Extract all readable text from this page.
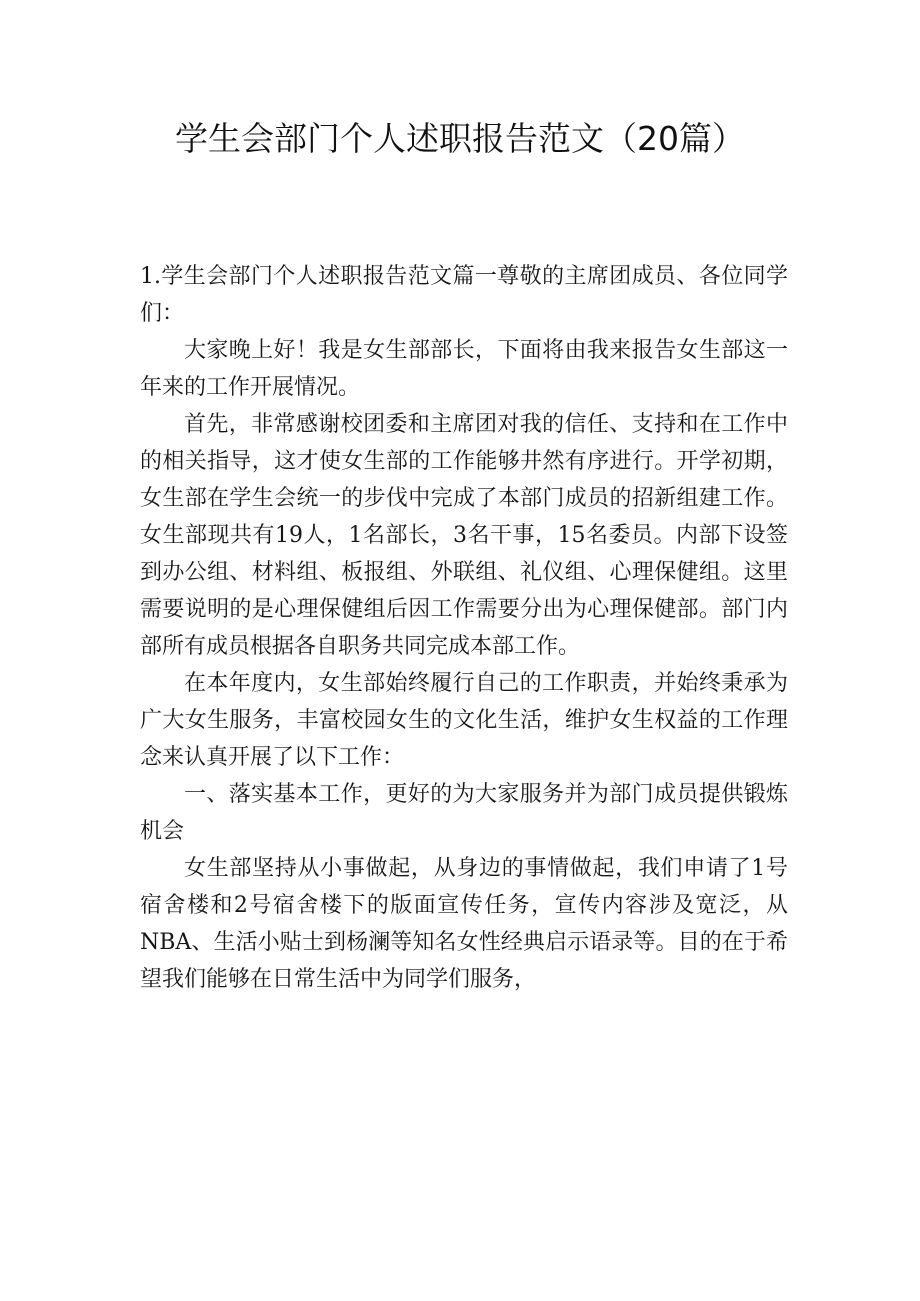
学生会部门个人述职报告范文（20篇）

1.学生会部门个人述职报告范文篇一尊敬的主席团成员、各位同学们：

大家晚上好！我是女生部部长，下面将由我来报告女生部这一年来的工作开展情况。

首先，非常感谢校团委和主席团对我的信任、支持和在工作中的相关指导，这才使女生部的工作能够井然有序进行。开学初期，女生部在学生会统一的步伐中完成了本部门成员的招新组建工作。女生部现共有19人，1名部长，3名干事，15名委员。内部下设签到办公组、材料组、板报组、外联组、礼仪组、心理保健组。这里需要说明的是心理保健组后因工作需要分出为心理保健部。部门内部所有成员根据各自职务共同完成本部工作。

在本年度内，女生部始终履行自己的工作职责，并始终秉承为广大女生服务，丰富校园女生的文化生活，维护女生权益的工作理念来认真开展了以下工作：

一、落实基本工作，更好的为大家服务并为部门成员提供锻炼机会

女生部坚持从小事做起，从身边的事情做起，我们申请了1号宿舍楼和2号宿舍楼下的版面宣传任务，宣传内容涉及宽泛，从NBA、生活小贴士到杨澜等知名女性经典启示语录等。目的在于希望我们能够在日常生活中为同学们服务，
